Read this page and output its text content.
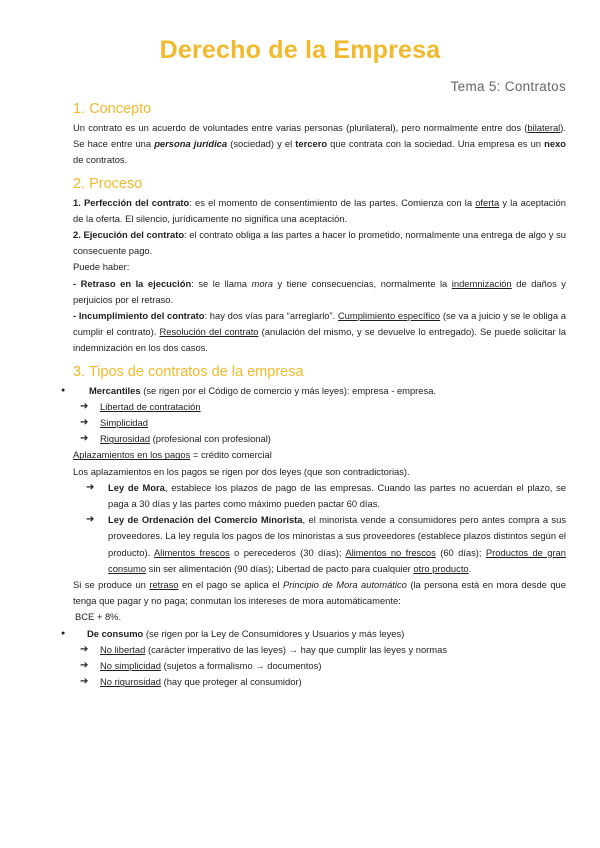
Derecho de la Empresa
Tema 5: Contratos
1. Concepto

Un contrato es un acuerdo de voluntades entre varias personas (plurilateral), pero normalmente entre dos (bilateral). Se hace entre una persona jurídica (sociedad) y el tercero que contrata con la sociedad. Una empresa es un nexo de contratos.

2. Proceso

1. Perfección del contrato: es el momento de consentimiento de las partes. Comienza con la oferta y la aceptación de la oferta. El silencio, jurídicamente no significa una aceptación.

2. Ejecución del contrato: el contrato obliga a las partes a hacer lo prometido, normalmente una entrega de algo y su consecuente pago.

Puede haber:

- Retraso en la ejecución: se le llama mora y tiene consecuencias, normalmente la indemnización de daños y perjuicios por el retraso.

- Incumplimiento del contrato: hay dos vías para “arreglarlo”. Cumplimiento específico (se va a juicio y se le obliga a cumplir el contrato). Resolución del contrato (anulación del mismo, y se devuelve lo entregado). Se puede solicitar la indemnización en los dos casos.

3. Tipos de contratos de la empresa

●	Mercantiles (se rigen por el Código de comercio y más leyes): empresa - empresa.

➔ Libertad de contratación

➔ Simplicidad

➔ Rigurosidad (profesional con profesional)

Aplazamientos en los pagos = crédito comercial

Los aplazamientos en los pagos se rigen por dos leyes (que son contradictorias).

➔ Ley de Mora, establece los plazos de pago de las empresas. Cuando las partes no acuerdan el plazo, se paga a 30 días y las partes como máximo pueden pactar 60 días.

➔ Ley de Ordenación del Comercio Minorista, el minorista vende a consumidores pero antes compra a sus proveedores. La ley regula los pagos de los minoristas a sus proveedores (establece plazos distintos según el producto). Alimentos frescos o perecederos (30 días); Alimentos no frescos (60 días); Productos de gran consumo sin ser alimentación (90 días); Libertad de pacto para cualquier otro producto.

Si se produce un retraso en el pago se aplica el Principio de Mora automático (la persona está en mora desde que tenga que pagar y no paga; conmutan los intereses de mora automáticamente:

BCE + 8%.

● De consumo (se rigen por la Ley de Consumidores y Usuarios y más leyes)

➔ No libertad (carácter imperativo de las leyes) → hay que cumplir las leyes y normas

➔ No simplicidad (sujetos a formalismo → documentos)

➔ No rigurosidad (hay que proteger al consumidor)
